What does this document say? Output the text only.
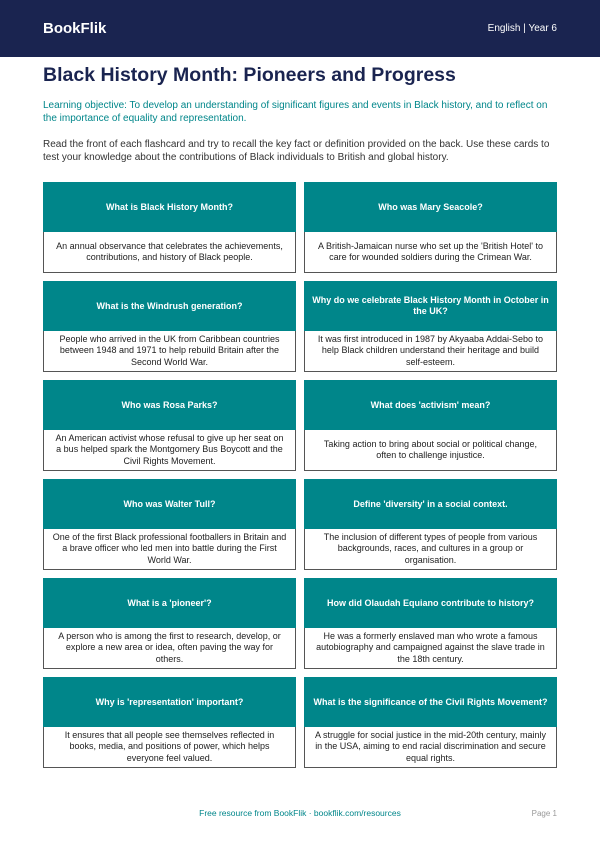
BookFlik	English | Year 6
Black History Month: Pioneers and Progress

Learning objective: To develop an understanding of significant figures and events in Black history, and to reflect on the importance of equality and representation.

Read the front of each flashcard and try to recall the key fact or definition provided on the back. Use these cards to test your knowledge about the contributions of Black individuals to British and global history.

What is Black History Month?
An annual observance that celebrates the achievements, contributions, and history of Black people.
Who was Mary Seacole?
A British-Jamaican nurse who set up the 'British Hotel' to care for wounded soldiers during the Crimean War.
What is the Windrush generation?
People who arrived in the UK from Caribbean countries between 1948 and 1971 to help rebuild Britain after the Second World War.
Why do we celebrate Black History Month in October in the UK?
It was first introduced in 1987 by Akyaaba Addai-Sebo to help Black children understand their heritage and build self-esteem.
Who was Rosa Parks?
An American activist whose refusal to give up her seat on a bus helped spark the Montgomery Bus Boycott and the Civil Rights Movement.
What does 'activism' mean?
Taking action to bring about social or political change, often to challenge injustice.
Who was Walter Tull?
One of the first Black professional footballers in Britain and a brave officer who led men into battle during the First World War.
Define 'diversity' in a social context.
The inclusion of different types of people from various backgrounds, races, and cultures in a group or organisation.
What is a 'pioneer'?
A person who is among the first to research, develop, or explore a new area or idea, often paving the way for others.
How did Olaudah Equiano contribute to history?
He was a formerly enslaved man who wrote a famous autobiography and campaigned against the slave trade in the 18th century.
Why is 'representation' important?
It ensures that all people see themselves reflected in books, media, and positions of power, which helps everyone feel valued.
What is the significance of the Civil Rights Movement?
A struggle for social justice in the mid-20th century, mainly in the USA, aiming to end racial discrimination and secure equal rights.
Free resource from BookFlik · bookflik.com/resources	Page 1
